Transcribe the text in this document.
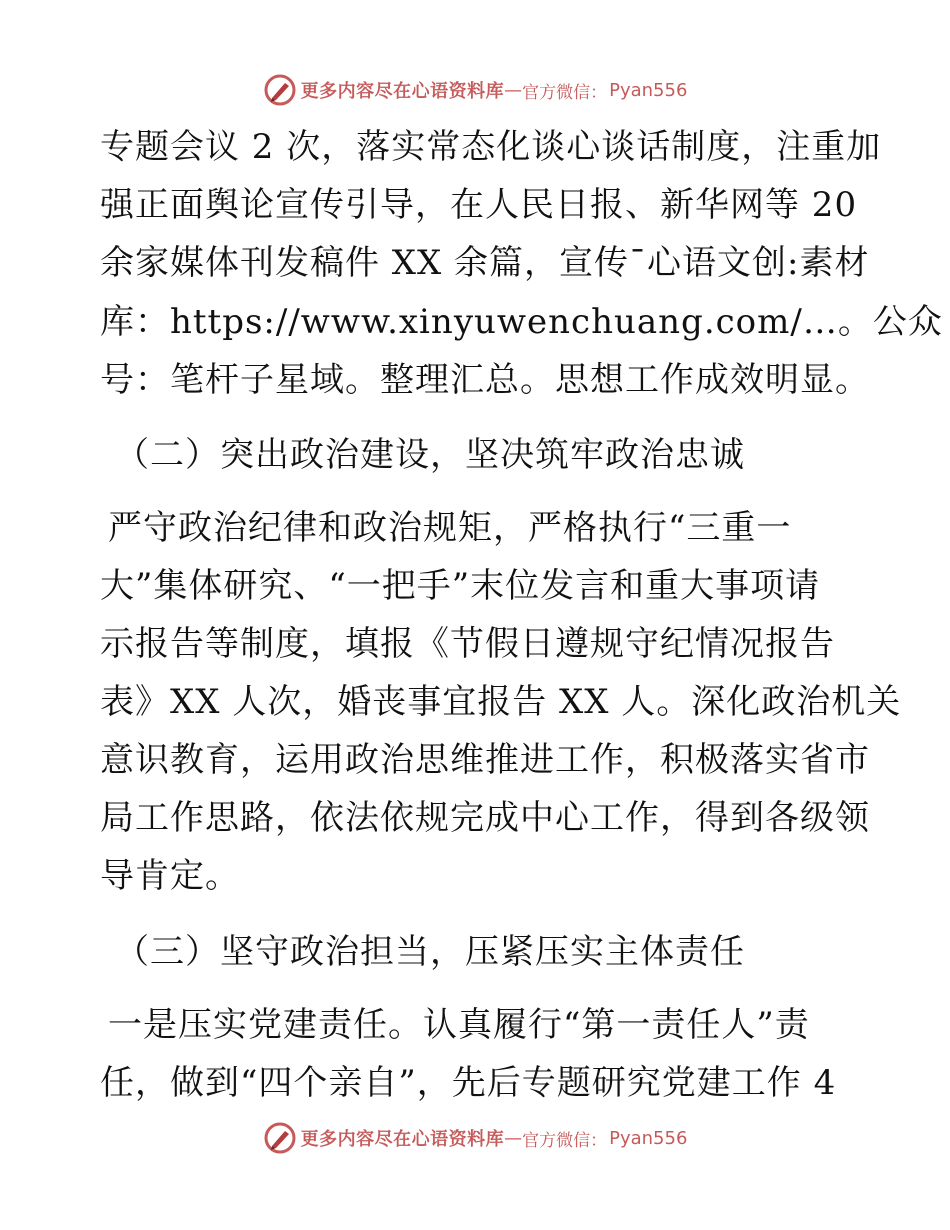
更多内容尽在心语资料库 — 官方微信： Pyan556
专题会议 2 次，落实常态化谈心谈话制度，注重加
强正面舆论宣传引导，在人民日报、新华网等 20
余家媒体刊发稿件 XX 余篇，宣传¯心语文创:素材
库：https://www.xinyuwenchuang.com/…。公众
号：笔杆子星域。整理汇总。思想工作成效明显。
（二）突出政治建设，坚决筑牢政治忠诚
严守政治纪律和政治规矩，严格执行“三重一
大”集体研究、“一把手”末位发言和重大事项请
示报告等制度，填报《节假日遵规守纪情况报告
表》XX 人次，婚丧事宜报告 XX 人。深化政治机关
意识教育，运用政治思维推进工作，积极落实省市
局工作思路，依法依规完成中心工作，得到各级领
导肯定。
（三）坚守政治担当，压紧压实主体责任
一是压实党建责任。认真履行“第一责任人”责
任，做到“四个亲自”，先后专题研究党建工作 4
更多内容尽在心语资料库 — 官方微信： Pyan556
